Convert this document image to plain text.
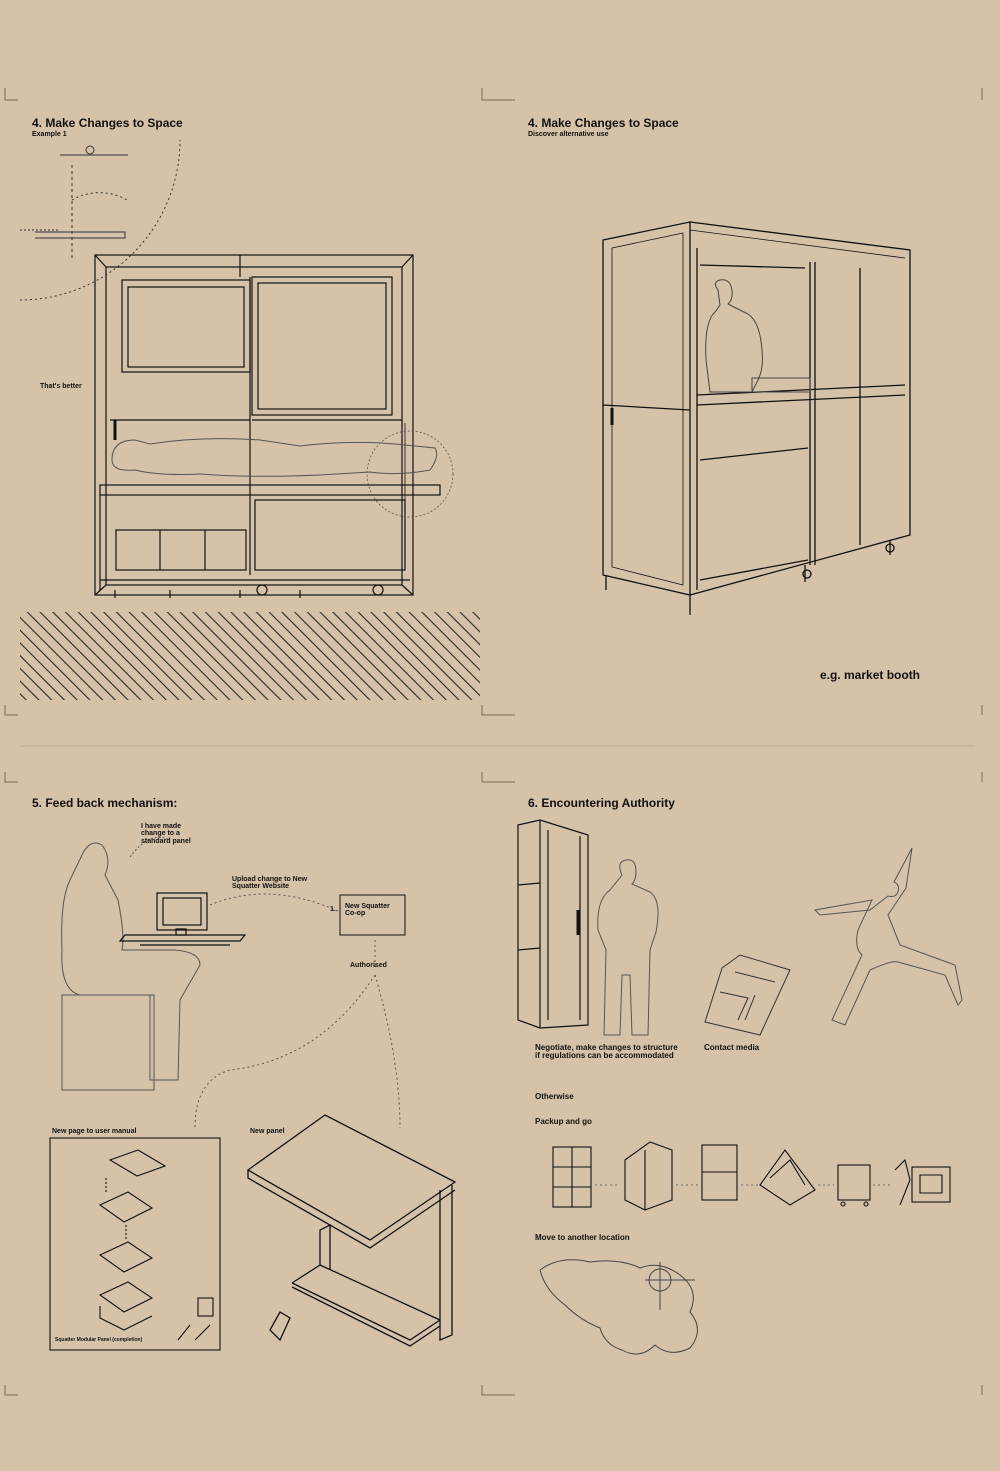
4. Make Changes to Space
Example 1
That's better
4. Make Changes to Space
Discover alternative use
e.g. market booth
5. Feed back mechanism:
I have made change to a standard panel
Upload change to New Squatter Website
1. New Squatter Co-op
Authorised
New page to user manual	New panel
Squatter Modular Panel (completion)
6. Encountering Authority
Negotiate, make changes to structure if regulations can be accommodated
Contact media
Otherwise
Packup and go
Move to another location
